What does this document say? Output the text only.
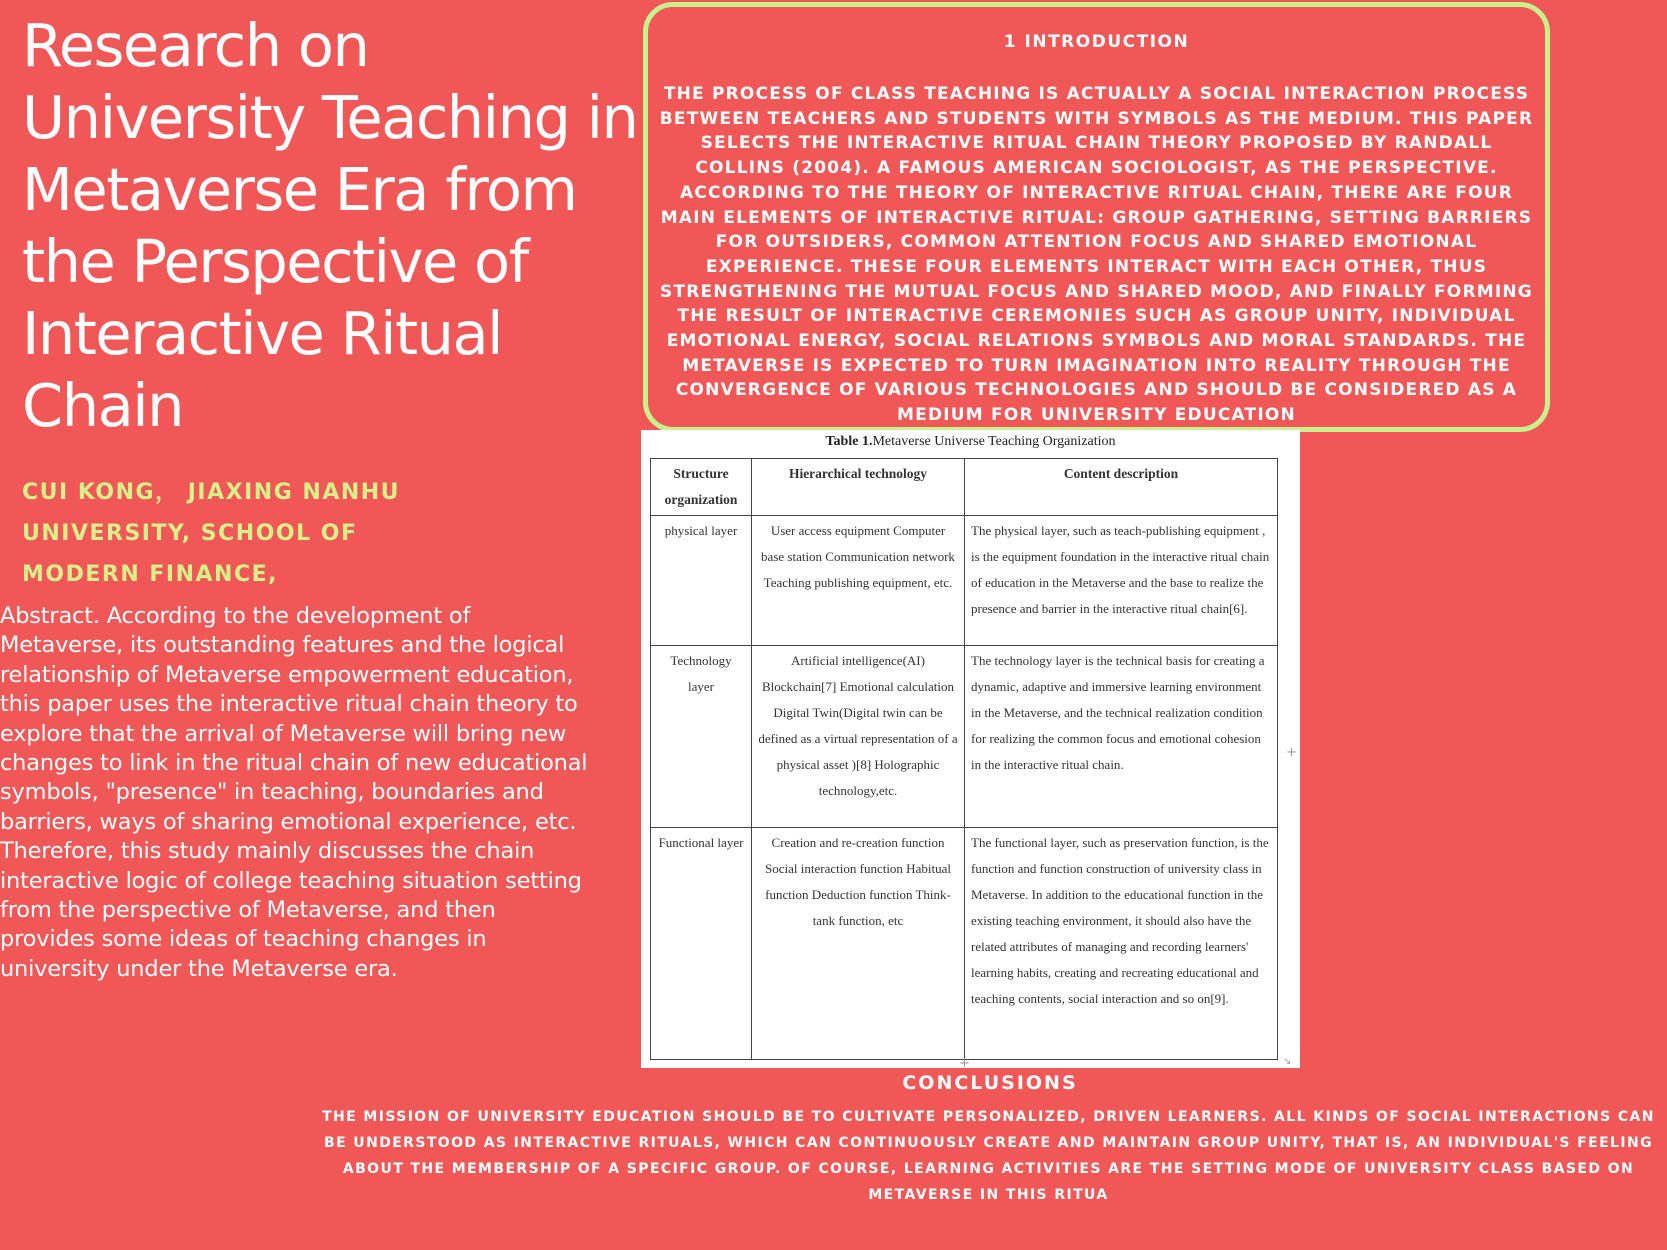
Research on University Teaching in Metaverse Era from the Perspective of Interactive Ritual Chain
CUI KONG， JIAXING NANHU UNIVERSITY, SCHOOL OF MODERN FINANCE,
Abstract. According to the development of Metaverse, its outstanding features and the logical relationship of Metaverse empowerment education, this paper uses the interactive ritual chain theory to explore that the arrival of Metaverse will bring new changes to link in the ritual chain of new educational symbols, "presence" in teaching, boundaries and barriers, ways of sharing emotional experience, etc. Therefore, this study mainly discusses the chain interactive logic of college teaching situation setting from the perspective of Metaverse, and then provides some ideas of teaching changes in university under the Metaverse era.
1 INTRODUCTION

THE PROCESS OF CLASS TEACHING IS ACTUALLY A SOCIAL INTERACTION PROCESS BETWEEN TEACHERS AND STUDENTS WITH SYMBOLS AS THE MEDIUM. THIS PAPER SELECTS THE INTERACTIVE RITUAL CHAIN THEORY PROPOSED BY RANDALL COLLINS (2004). A FAMOUS AMERICAN SOCIOLOGIST, AS THE PERSPECTIVE. ACCORDING TO THE THEORY OF INTERACTIVE RITUAL CHAIN, THERE ARE FOUR MAIN ELEMENTS OF INTERACTIVE RITUAL: GROUP GATHERING, SETTING BARRIERS FOR OUTSIDERS, COMMON ATTENTION FOCUS AND SHARED EMOTIONAL EXPERIENCE. THESE FOUR ELEMENTS INTERACT WITH EACH OTHER, THUS STRENGTHENING THE MUTUAL FOCUS AND SHARED MOOD, AND FINALLY FORMING THE RESULT OF INTERACTIVE CEREMONIES SUCH AS GROUP UNITY, INDIVIDUAL EMOTIONAL ENERGY, SOCIAL RELATIONS SYMBOLS AND MORAL STANDARDS. THE METAVERSE IS EXPECTED TO TURN IMAGINATION INTO REALITY THROUGH THE CONVERGENCE OF VARIOUS TECHNOLOGIES AND SHOULD BE CONSIDERED AS A MEDIUM FOR UNIVERSITY EDUCATION

Table 1.Metaverse Universe Teaching Organization
Structure organization	Hierarchical technology	Content description
physical layer	User access equipment Computer base station Communication network Teaching publishing equipment, etc.	The physical layer, such as teach-publishing equipment , is the equipment foundation in the interactive ritual chain of education in the Metaverse and the base to realize the presence and barrier in the interactive ritual chain[6].
Technology layer	Artificial intelligence(AI) Blockchain[7] Emotional calculation Digital Twin(Digital twin can be defined as a virtual representation of a physical asset )[8] Holographic technology,etc.	The technology layer is the technical basis for creating a dynamic, adaptive and immersive learning environment in the Metaverse, and the technical realization condition for realizing the common focus and emotional cohesion in the interactive ritual chain.
Functional layer	Creation and re-creation function Social interaction function Habitual function Deduction function Think-tank function, etc	The functional layer, such as preservation function, is the function and function construction of university class in Metaverse. In addition to the educational function in the existing teaching environment, it should also have the related attributes of managing and recording learners' learning habits, creating and recreating educational and teaching contents, social interaction and so on[9].
+
+	↘
CONCLUSIONS

THE MISSION OF UNIVERSITY EDUCATION SHOULD BE TO CULTIVATE PERSONALIZED, DRIVEN LEARNERS. ALL KINDS OF SOCIAL INTERACTIONS CAN BE UNDERSTOOD AS INTERACTIVE RITUALS, WHICH CAN CONTINUOUSLY CREATE AND MAINTAIN GROUP UNITY, THAT IS, AN INDIVIDUAL'S FEELING ABOUT THE MEMBERSHIP OF A SPECIFIC GROUP. OF COURSE, LEARNING ACTIVITIES ARE THE SETTING MODE OF UNIVERSITY CLASS BASED ON METAVERSE IN THIS RITUA
